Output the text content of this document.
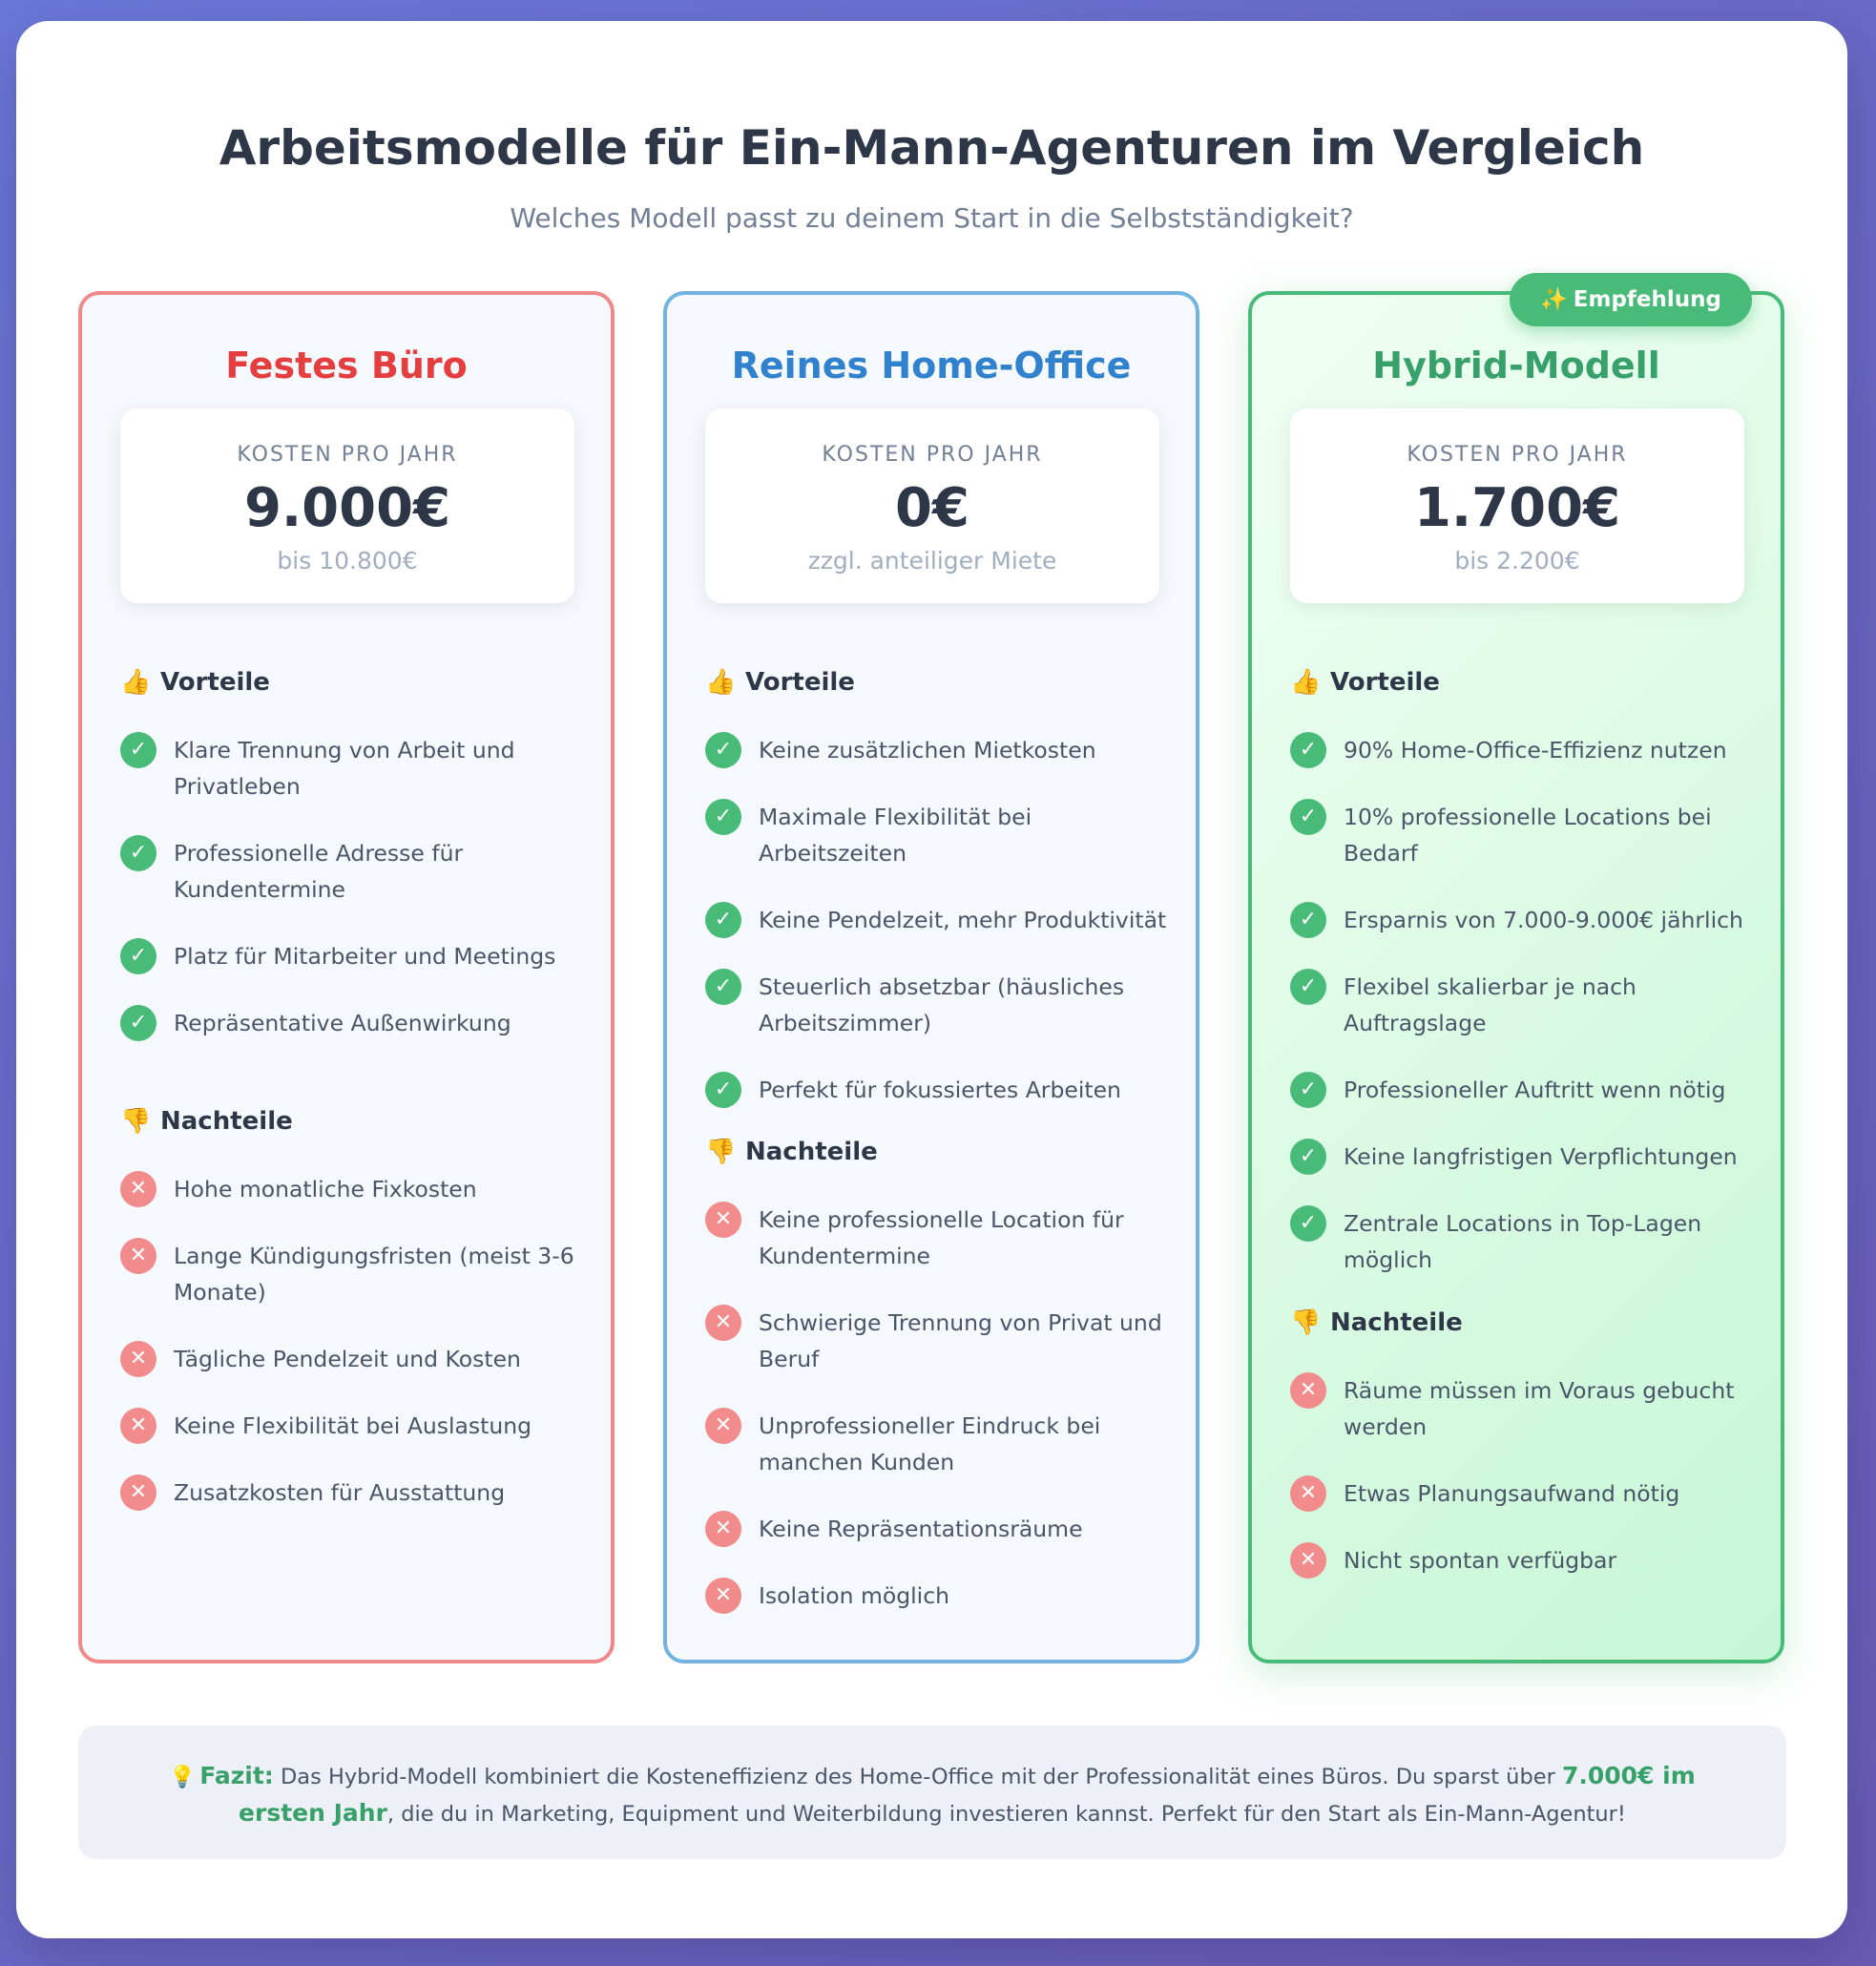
Arbeitsmodelle für Ein-Mann-Agenturen im Vergleich

Welches Modell passt zu deinem Start in die Selbstständigkeit?

Festes Büro
KOSTEN PRO JAHR
9.000€
bis 10.800€
👍 Vorteile
✓	Klare Trennung von Arbeit und Privatleben
✓	Professionelle Adresse für Kundentermine
✓	Platz für Mitarbeiter und Meetings
✓	Repräsentative Außenwirkung
👎 Nachteile
✕	Hohe monatliche Fixkosten
✕	Lange Kündigungsfristen (meist 3-6 Monate)
✕	Tägliche Pendelzeit und Kosten
✕	Keine Flexibilität bei Auslastung
✕	Zusatzkosten für Ausstattung
Reines Home-Office
KOSTEN PRO JAHR
0€
zzgl. anteiliger Miete
👍 Vorteile
✓	Keine zusätzlichen Mietkosten
✓	Maximale Flexibilität bei Arbeitszeiten
✓	Keine Pendelzeit, mehr Produktivität
✓	Steuerlich absetzbar (häusliches Arbeitszimmer)
✓	Perfekt für fokussiertes Arbeiten
👎 Nachteile
✕	Keine professionelle Location für Kundentermine
✕	Schwierige Trennung von Privat und Beruf
✕	Unprofessioneller Eindruck bei manchen Kunden
✕	Keine Repräsentationsräume
✕	Isolation möglich
✨ Empfehlung
Hybrid-Modell
KOSTEN PRO JAHR
1.700€
bis 2.200€
👍 Vorteile
✓	90% Home-Office-Effizienz nutzen
✓	10% professionelle Locations bei Bedarf
✓	Ersparnis von 7.000-9.000€ jährlich
✓	Flexibel skalierbar je nach Auftragslage
✓	Professioneller Auftritt wenn nötig
✓	Keine langfristigen Verpflichtungen
✓	Zentrale Locations in Top-Lagen möglich
👎 Nachteile
✕	Räume müssen im Voraus gebucht werden
✕	Etwas Planungsaufwand nötig
✕	Nicht spontan verfügbar
💡 Fazit: Das Hybrid-Modell kombiniert die Kosteneffizienz des Home-Office mit der Professionalität eines Büros. Du sparst über 7.000€ im ersten Jahr, die du in Marketing, Equipment und Weiterbildung investieren kannst. Perfekt für den Start als Ein-Mann-Agentur!
